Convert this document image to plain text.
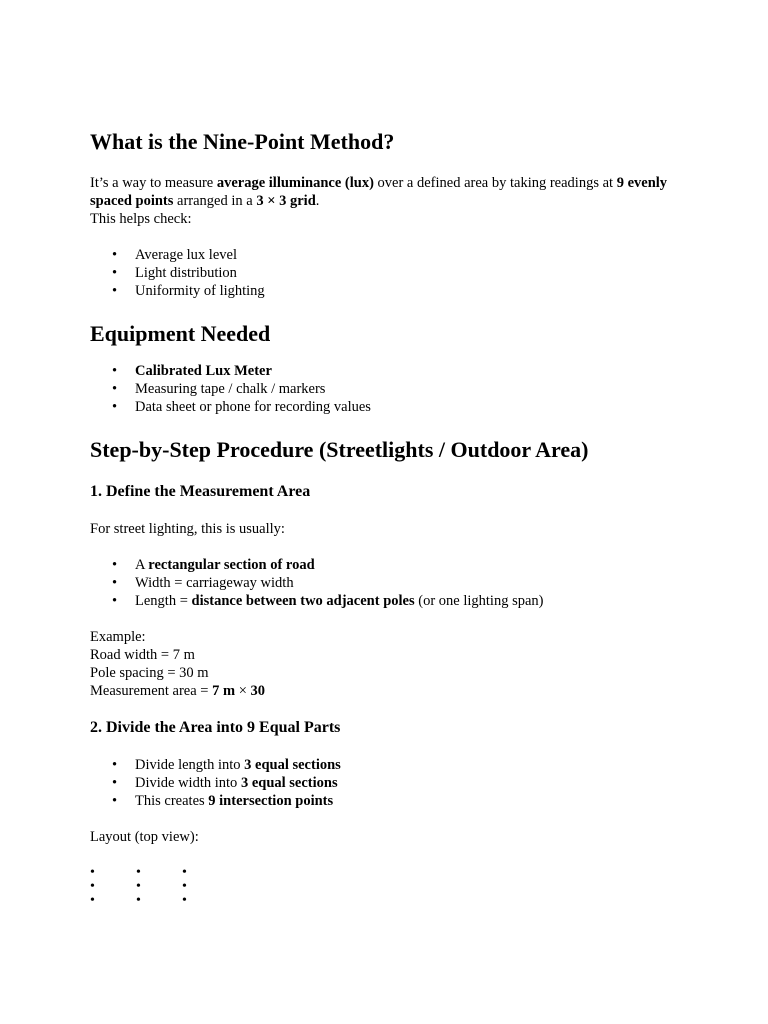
What is the Nine-Point Method?

It’s a way to measure average illuminance (lux) over a defined area by taking readings at 9 evenly spaced points arranged in a 3 × 3 grid.

This helps check:

• Average lux level
• Light distribution
• Uniformity of lighting
Equipment Needed
• Calibrated Lux Meter
• Measuring tape / chalk / markers
• Data sheet or phone for recording values
Step-by-Step Procedure (Streetlights / Outdoor Area)
1. Define the Measurement Area

For street lighting, this is usually:

• A rectangular section of road
• Width = carriageway width
• Length = distance between two adjacent poles (or one lighting span)

Example:

Road width = 7 m

Pole spacing = 30 m

Measurement area = 7 m × 30

2. Divide the Area into 9 Equal Parts
• Divide length into 3 equal sections
• Divide width into 3 equal sections
• This creates 9 intersection points

Layout (top view):

•	•	•
•	•	•
•	•	•
